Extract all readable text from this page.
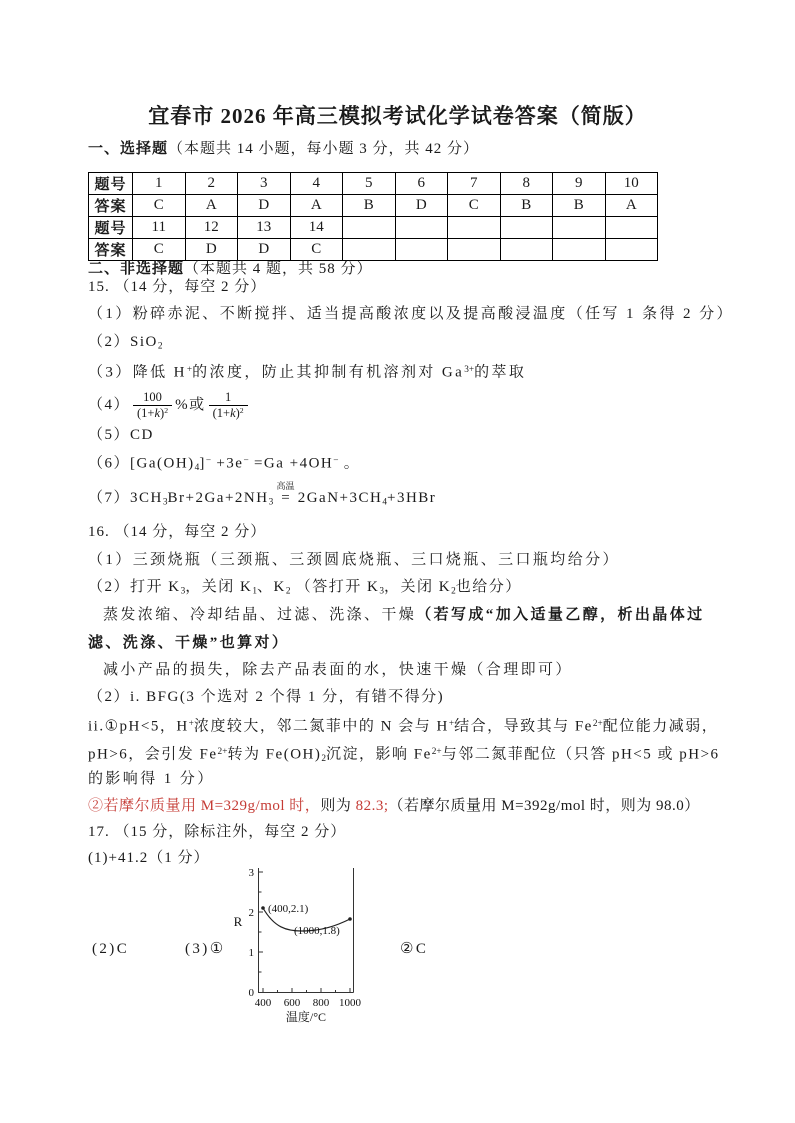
宜春市 2026 年高三模拟考试化学试卷答案（简版）
一、选择题（本题共 14 小题，每小题 3 分，共 42 分）
题号	1	2	3	4	5	6	7	8	9	10
答案	C	A	D	A	B	D	C	B	B	A
题号	11	12	13	14						
答案	C	D	D	C						
二、非选择题（本题共 4 题，共 58 分）
15. （14 分，每空 2 分）
（1）粉碎赤泥、不断搅拌、适当提高酸浓度以及提高酸浸温度（任写 1 条得 2 分）
（2）SiO$_2$
（3）降低 H+的浓度，防止其抑制有机溶剂对 $Ga^{3+}$的萃取
$(4) \frac{100}{(1+k)^2}$ %或 $\frac{1}{(1+k)^2}$
（5）CD
$(6)[Ga(OH)_4]^- +3e^- =Ga +4OH^-$ 。
$(7)3CH_3Br+2Ga+2NH_3$
高温
= $2GaN+3CH_4+3HBr$
16. （14 分，每空 2 分）
（1）三颈烧瓶（三颈瓶、三颈圆底烧瓶、三口烧瓶、三口瓶均给分）
（2）打开 $K_3$，关闭 $K_1$、$K_2$ （答打开 $K_3$，关闭 $K_2$也给分）
蒸发浓缩、冷却结晶、过滤、洗涤、干燥（若写成“加入适量乙醇，析出晶体过
滤、洗涤、干燥”也算对）
减小产品的损失，除去产品表面的水，快速干燥（合理即可）
（2）i. BFG(3 个选对 2 个得 1 分，有错不得分)
ii.①pH<5，H+浓度较大，邻二氮菲中的 N 会与 H+结合，导致其与 $Fe^{2+}$配位能力减弱，
pH>6，会引发 $Fe^{2+}$转为 $Fe(OH)_2$沉淀，影响 $Fe^{2+}$与邻二氮菲配位（只答 pH<5 或 pH>6
的影响得 1 分）
②若摩尔质量用 M=329g/mol 时，则为 82.3;（若摩尔质量用 M=392g/mol 时，则为 98.0）
17. （15 分，除标注外，每空 2 分）
(1)+41.2（1 分）
3
2
1
0
R
400 600 800 1000
温度/°C
(400,2.1)
(1000,1.8)
(2)C	(3)①	②C
